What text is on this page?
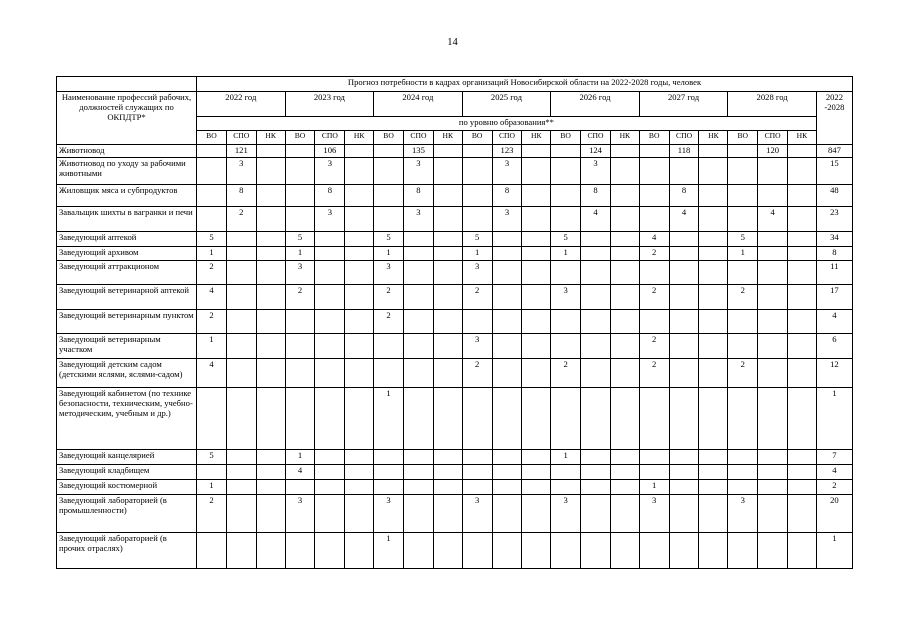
14
	Прогноз потребности в кадрах организаций Новосибирской области на 2022-2028 годы, человек																					
Наименование профессий рабочих, должностей служащих по ОКПДТР*	2022 год			2023 год			2024 год			2025 год			2026 год			2027 год			2028 год			2022 -2028
	по уровню образования**																					
	ВО	СПО	НК	ВО	СПО	НК	ВО	СПО	НК	ВО	СПО	НК	ВО	СПО	НК	ВО	СПО	НК	ВО	СПО	НК	
Животновод		121			106			135			123			124			118			120		847
Животновод по уходу за рабочими животными		3			3			3			3			3								15
Жиловщик мяса и субпродуктов		8			8			8			8			8			8					48
Завальщик шихты в вагранки и печи		2			3			3			3			4			4			4		23
Заведующий аптекой	5			5			5			5			5			4			5			34
Заведующий архивом	1			1			1			1			1			2			1			8
Заведующий аттракционом	2			3			3			3												11
Заведующий ветеринарной аптекой	4			2			2			2			3			2			2			17
Заведующий ветеринарным пунктом	2						2															4
Заведующий ветеринарным участком	1									3						2						6
Заведующий детским садом (детскими яслями, яслями-садом)	4									2			2			2			2			12
Заведующий кабинетом (по технике безопасности, техническим, учебно-методическим, учебным и др.)							1															1
Заведующий канцелярией	5			1									1									7
Заведующий кладбищем				4																		4
Заведующий костюмерной	1															1						2
Заведующий лабораторией (в промышленности)	2			3			3			3			3			3			3			20
Заведующий лабораторией (в прочих отраслях)							1															1
